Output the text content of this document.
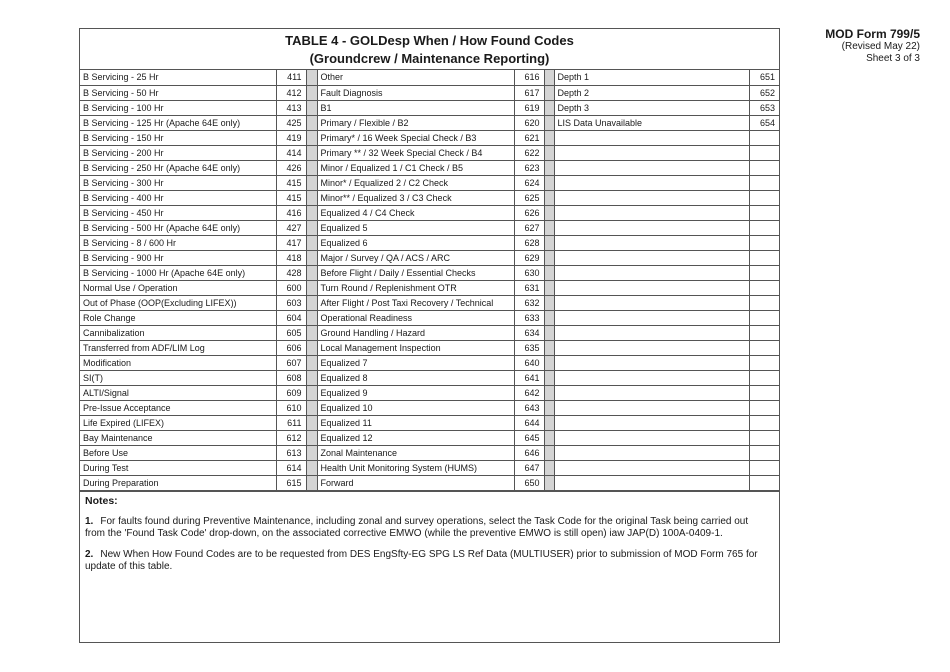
MOD Form 799/5
(Revised May 22)
Sheet 3 of 3
TABLE 4 - GOLDesp When / How Found Codes
(Groundcrew / Maintenance Reporting)
B Servicing - 25 Hr	411		Other	616		Depth 1	651
B Servicing - 50 Hr	412		Fault Diagnosis	617		Depth 2	652
B Servicing - 100 Hr	413		B1	619		Depth 3	653
B Servicing - 125 Hr (Apache 64E only)	425		Primary / Flexible / B2	620		LIS Data Unavailable	654
B Servicing - 150 Hr	419		Primary* / 16 Week Special Check / B3	621			
B Servicing - 200 Hr	414		Primary ** / 32 Week Special Check / B4	622			
B Servicing - 250 Hr (Apache 64E only)	426		Minor / Equalized 1 / C1 Check / B5	623			
B Servicing - 300 Hr	415		Minor* / Equalized 2 / C2 Check	624			
B Servicing - 400 Hr	415		Minor** / Equalized 3 / C3 Check	625			
B Servicing - 450 Hr	416		Equalized 4 / C4 Check	626			
B Servicing - 500 Hr (Apache 64E only)	427		Equalized 5	627			
B Servicing - 8 / 600 Hr	417		Equalized 6	628			
B Servicing - 900 Hr	418		Major / Survey / QA / ACS / ARC	629			
B Servicing - 1000 Hr (Apache 64E only)	428		Before Flight / Daily / Essential Checks	630			
Normal Use / Operation	600		Turn Round / Replenishment OTR	631			
Out of Phase (OOP(Excluding LIFEX))	603		After Flight / Post Taxi Recovery / Technical	632			
Role Change	604		Operational Readiness	633			
Cannibalization	605		Ground Handling / Hazard	634			
Transferred from ADF/LIM Log	606		Local Management Inspection	635			
Modification	607		Equalized 7	640			
SI(T)	608		Equalized 8	641			
ALTI/Signal	609		Equalized 9	642			
Pre-Issue Acceptance	610		Equalized 10	643			
Life Expired (LIFEX)	611		Equalized 11	644			
Bay Maintenance	612		Equalized 12	645			
Before Use	613		Zonal Maintenance	646			
During Test	614		Health Unit Monitoring System (HUMS)	647			
During Preparation	615		Forward	650			
Notes:
1. For faults found during Preventive Maintenance, including zonal and survey operations, select the Task Code for the original Task being carried out from the 'Found Task Code' drop-down, on the associated corrective EMWO (while the preventive EMWO is still open) iaw JAP(D) 100A-0409-1.
2. New When How Found Codes are to be requested from DES EngSfty-EG SPG LS Ref Data (MULTIUSER) prior to submission of MOD Form 765 for update of this table.
